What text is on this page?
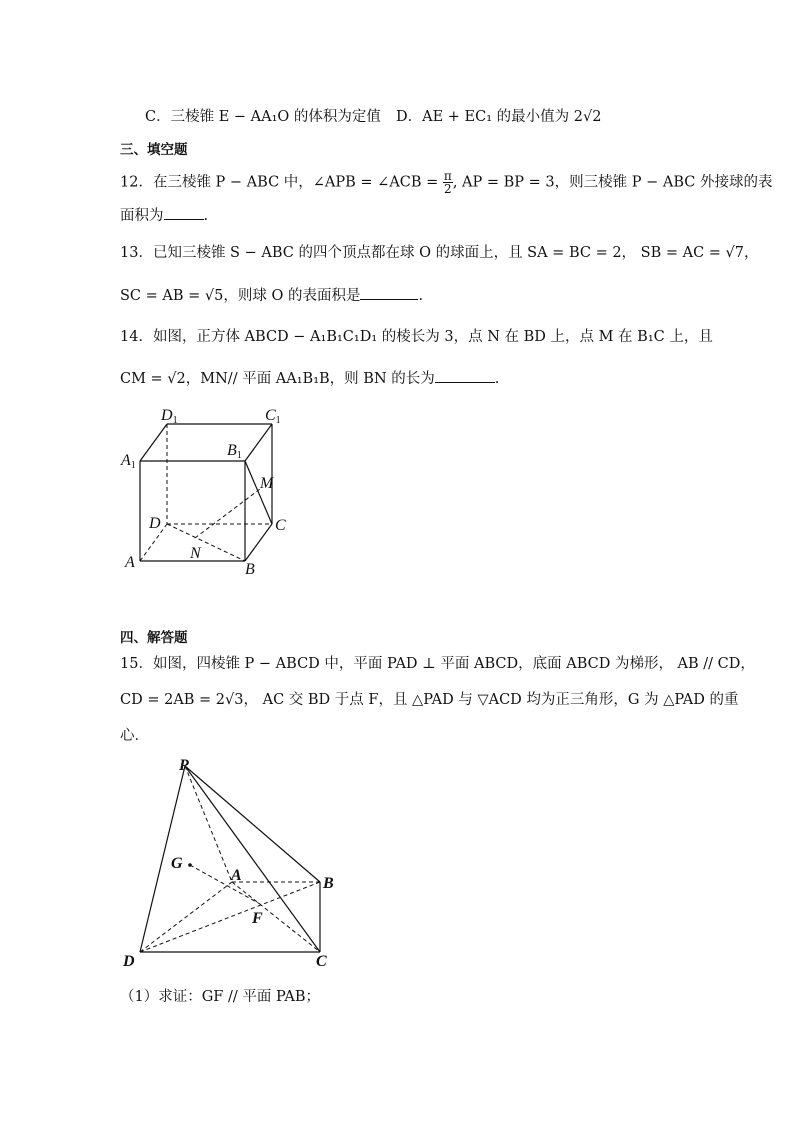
C．三棱锥 E − AA₁O 的体积为定值 D．AE + EC₁ 的最小值为 2√2
三、填空题
12．在三棱锥 P − ABC 中，∠APB = ∠ACB = $\frac{\pi}{2}$ , AP = BP = 3，则三棱锥 P − ABC 外接球的表
面积为	.
13．已知三棱锥 S − ABC 的四个顶点都在球 O 的球面上，且 SA = BC = 2， SB = AC = √7，
SC = AB = √5，则球 O 的表面积是	.
14．如图，正方体 ABCD − A₁B₁C₁D₁ 的棱长为 3，点 N 在 BD 上，点 M 在 B₁C 上，且
CM = √2，MN// 平面 AA₁B₁B，则 BN 的长为	.
D1	C1
A1
B1
M
D	C
N
A	B
四、解答题
15．如图，四棱锥 P − ABCD 中，平面 PAD ⊥ 平面 ABCD，底面 ABCD 为梯形， AB // CD，
CD = 2AB = 2√3， AC 交 BD 于点 F，且 △PAD 与 ▽ACD 均为正三角形，G 为 △PAD 的重
心．
P
G
A	B
F
D	C
（1）求证：GF // 平面 PAB；
